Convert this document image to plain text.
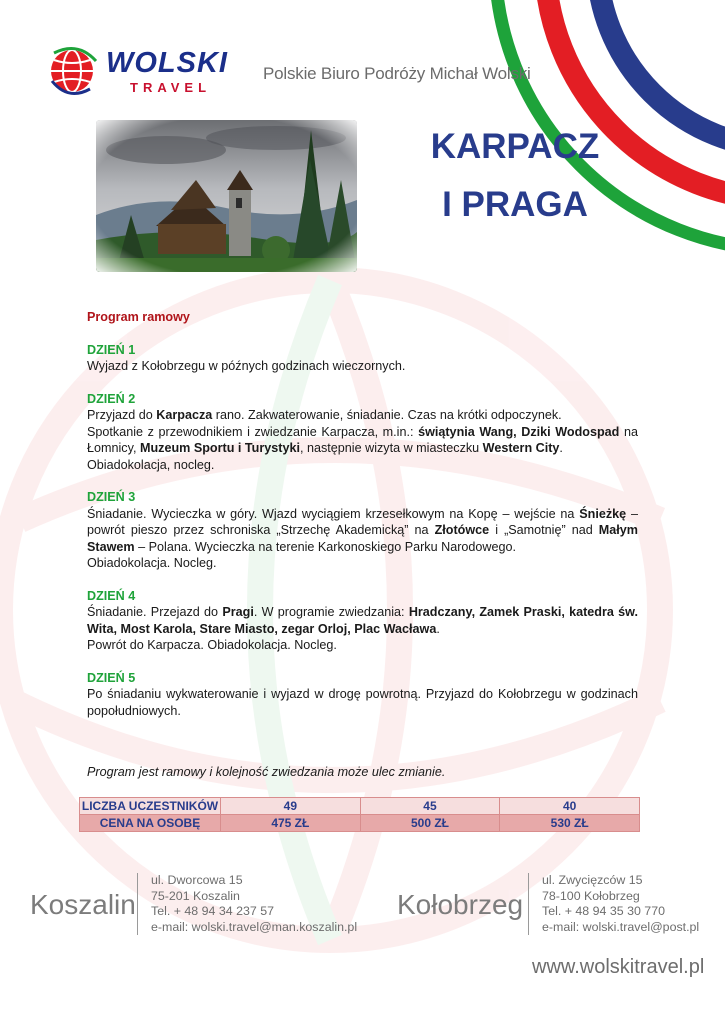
WOLSKI
TRAVEL
Polskie Biuro Podróży Michał Wolski
KARPACZ
I PRAGA

Program ramowy

DZIEŃ 1

Wyjazd z Kołobrzegu w późnych godzinach wieczornych.

DZIEŃ 2

Przyjazd do Karpacza rano. Zakwaterowanie, śniadanie. Czas na krótki odpoczynek.

Spotkanie z przewodnikiem i zwiedzanie Karpacza, m.in.: świątynia Wang, Dziki Wodospad na Łomnicy, Muzeum Sportu i Turystyki, następnie wizyta w miasteczku Western City.

Obiadokolacja, nocleg.

DZIEŃ 3

Śniadanie. Wycieczka w góry. Wjazd wyciągiem krzesełkowym na Kopę – wejście na Śnieżkę – powrót pieszo przez schroniska „Strzechę Akademicką” na Złotówce i „Samotnię” nad Małym Stawem – Polana. Wycieczka na terenie Karkonoskiego Parku Narodowego.

Obiadokolacja. Nocleg.

DZIEŃ 4

Śniadanie. Przejazd do Pragi. W programie zwiedzania: Hradczany, Zamek Praski, katedra św. Wita, Most Karola, Stare Miasto, zegar Orloj, Plac Wacława.

Powrót do Karpacza. Obiadokolacja. Nocleg.

DZIEŃ 5

Po śniadaniu wykwaterowanie i wyjazd w drogę powrotną. Przyjazd do Kołobrzegu w godzinach popołudniowych.

Program jest ramowy i kolejność zwiedzania może ulec zmianie.
LICZBA UCZESTNIKÓW	49	45	40
CENA NA OSOBĘ	475 ZŁ	500 ZŁ	530 ZŁ
Koszalin
ul. Dworcowa 15
75-201 Koszalin
Tel. + 48 94 34 237 57
e-mail: wolski.travel@man.koszalin.pl
Kołobrzeg
ul. Zwycięzców 15
78-100 Kołobrzeg
Tel. + 48 94 35 30 770
e-mail: wolski.travel@post.pl
www.wolskitravel.pl
